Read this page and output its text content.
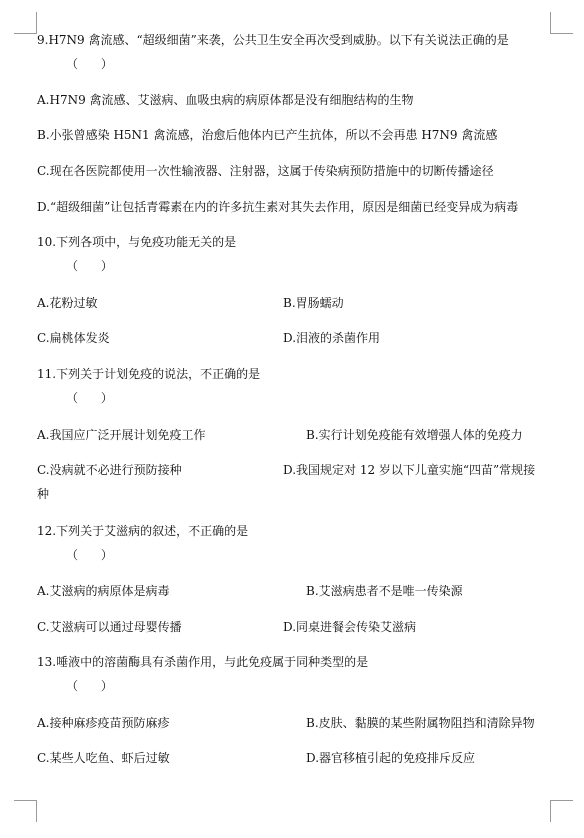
9.H7N9 禽流感、“超级细菌”来袭，公共卫生安全再次受到威胁。以下有关说法正确的是
（      ）
A.H7N9 禽流感、艾滋病、血吸虫病的病原体都是没有细胞结构的生物
B.小张曾感染 H5N1 禽流感，治愈后他体内已产生抗体，所以不会再患 H7N9 禽流感
C.现在各医院都使用一次性输液器、注射器，这属于传染病预防措施中的切断传播途径
D.“超级细菌”让包括青霉素在内的许多抗生素对其失去作用，原因是细菌已经变异成为病毒
10.下列各项中，与免疫功能无关的是
（      ）
A.花粉过敏	B.胃肠蠕动
C.扁桃体发炎	D.泪液的杀菌作用
11.下列关于计划免疫的说法，不正确的是
（      ）
A.我国应广泛开展计划免疫工作	B.实行计划免疫能有效增强人体的免疫力
C.没病就不必进行预防接种	D.我国规定对 12 岁以下儿童实施“四苗”常规接
种
12.下列关于艾滋病的叙述，不正确的是
（      ）
A.艾滋病的病原体是病毒	B.艾滋病患者不是唯一传染源
C.艾滋病可以通过母婴传播	D.同桌进餐会传染艾滋病
13.唾液中的溶菌酶具有杀菌作用，与此免疫属于同种类型的是
（      ）
A.接种麻疹疫苗预防麻疹	B.皮肤、黏膜的某些附属物阻挡和清除异物
C.某些人吃鱼、虾后过敏	D.器官移植引起的免疫排斥反应
